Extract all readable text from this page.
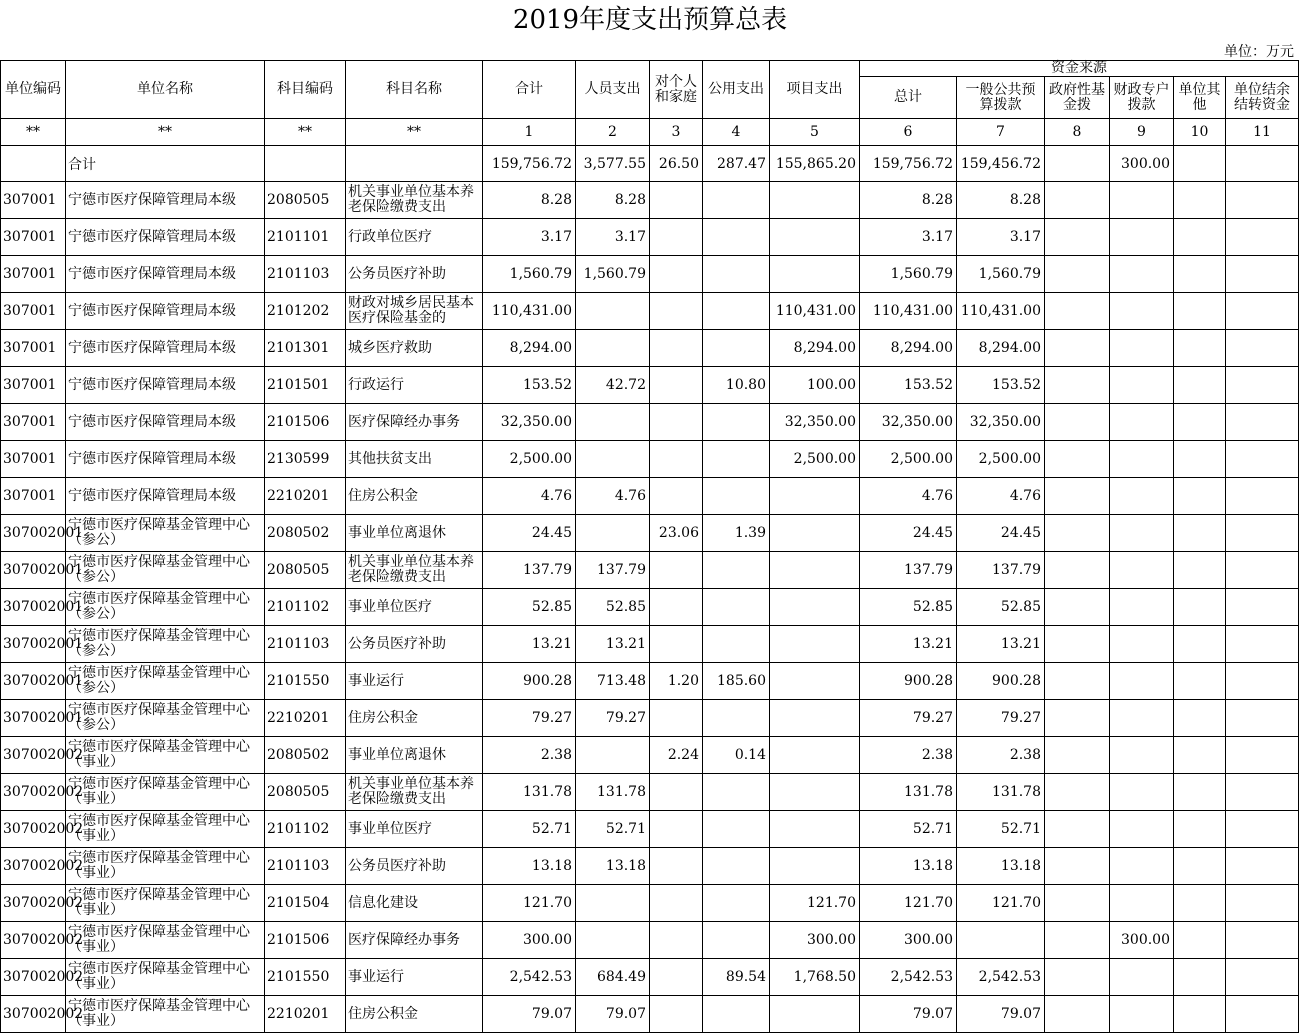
2019年度支出预算总表
单位：万元
单位编码	单位名称	科目编码	科目名称	合计	人员支出	对个人和家庭	公用支出	项目支出	资金来源					
									总计	一般公共预算拨款	政府性基金拨	财政专户拨款	单位其他	单位结余结转资金
**	**	**	**	1	2	3	4	5	6	7	8	9	10	11
	合计			159,756.72	3,577.55	26.50	287.47	155,865.20	159,756.72	159,456.72		300.00		

307001	宁德市医疗保障管理局本级	2080505	机关事业单位基本养老保险缴费支出	8.28	8.28				8.28	8.28				

307001	宁德市医疗保障管理局本级	2101101	行政单位医疗	3.17	3.17				3.17	3.17				

307001	宁德市医疗保障管理局本级	2101103	公务员医疗补助	1,560.79	1,560.79				1,560.79	1,560.79				

307001	宁德市医疗保障管理局本级	2101202	财政对城乡居民基本医疗保险基金的	110,431.00				110,431.00	110,431.00	110,431.00				

307001	宁德市医疗保障管理局本级	2101301	城乡医疗救助	8,294.00				8,294.00	8,294.00	8,294.00				

307001	宁德市医疗保障管理局本级	2101501	行政运行	153.52	42.72		10.80	100.00	153.52	153.52				

307001	宁德市医疗保障管理局本级	2101506	医疗保障经办事务	32,350.00				32,350.00	32,350.00	32,350.00				

307001	宁德市医疗保障管理局本级	2130599	其他扶贫支出	2,500.00				2,500.00	2,500.00	2,500.00				

307001	宁德市医疗保障管理局本级	2210201	住房公积金	4.76	4.76				4.76	4.76				

307002001	宁德市医疗保障基金管理中心（参公）	2080502	事业单位离退休	24.45		23.06	1.39		24.45	24.45				

307002001	宁德市医疗保障基金管理中心（参公）	2080505	机关事业单位基本养老保险缴费支出	137.79	137.79				137.79	137.79				

307002001	宁德市医疗保障基金管理中心（参公）	2101102	事业单位医疗	52.85	52.85				52.85	52.85				

307002001	宁德市医疗保障基金管理中心（参公）	2101103	公务员医疗补助	13.21	13.21				13.21	13.21				

307002001	宁德市医疗保障基金管理中心（参公）	2101550	事业运行	900.28	713.48	1.20	185.60		900.28	900.28				

307002001	宁德市医疗保障基金管理中心（参公）	2210201	住房公积金	79.27	79.27				79.27	79.27				

307002002	宁德市医疗保障基金管理中心（事业）	2080502	事业单位离退休	2.38		2.24	0.14		2.38	2.38				

307002002	宁德市医疗保障基金管理中心（事业）	2080505	机关事业单位基本养老保险缴费支出	131.78	131.78				131.78	131.78				

307002002	宁德市医疗保障基金管理中心（事业）	2101102	事业单位医疗	52.71	52.71				52.71	52.71				

307002002	宁德市医疗保障基金管理中心（事业）	2101103	公务员医疗补助	13.18	13.18				13.18	13.18				

307002002	宁德市医疗保障基金管理中心（事业）	2101504	信息化建设	121.70				121.70	121.70	121.70				

307002002	宁德市医疗保障基金管理中心（事业）	2101506	医疗保障经办事务	300.00				300.00	300.00			300.00		

307002002	宁德市医疗保障基金管理中心（事业）	2101550	事业运行	2,542.53	684.49		89.54	1,768.50	2,542.53	2,542.53				

307002002	宁德市医疗保障基金管理中心（事业）	2210201	住房公积金	79.07	79.07				79.07	79.07				
